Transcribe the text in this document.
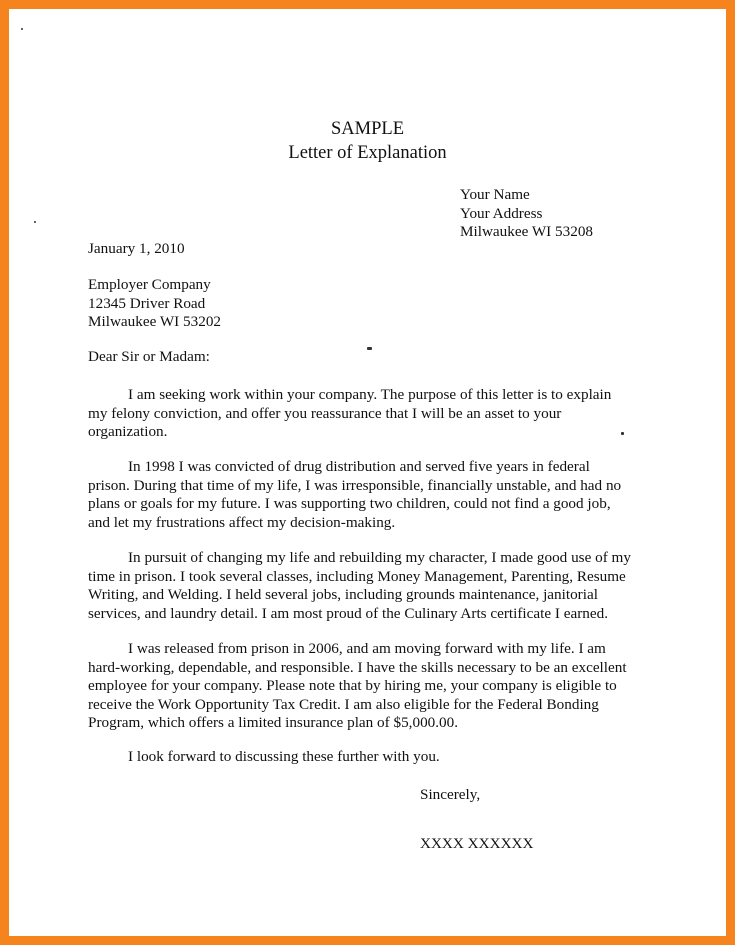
SAMPLE
Letter of Explanation
Your Name
Your Address
Milwaukee WI 53208
January 1, 2010
Employer Company
12345 Driver Road
Milwaukee WI 53202
Dear Sir or Madam:
I am seeking work within your company. The purpose of this letter is to explain
my felony conviction, and offer you reassurance that I will be an asset to your
organization.
In 1998 I was convicted of drug distribution and served five years in federal
prison. During that time of my life, I was irresponsible, financially unstable, and had no
plans or goals for my future. I was supporting two children, could not find a good job,
and let my frustrations affect my decision-making.
In pursuit of changing my life and rebuilding my character, I made good use of my
time in prison. I took several classes, including Money Management, Parenting, Resume
Writing, and Welding. I held several jobs, including grounds maintenance, janitorial
services, and laundry detail. I am most proud of the Culinary Arts certificate I earned.
I was released from prison in 2006, and am moving forward with my life. I am
hard-working, dependable, and responsible. I have the skills necessary to be an excellent
employee for your company. Please note that by hiring me, your company is eligible to
receive the Work Opportunity Tax Credit. I am also eligible for the Federal Bonding
Program, which offers a limited insurance plan of $5,000.00.
I look forward to discussing these further with you.
Sincerely,
XXXX XXXXXX
